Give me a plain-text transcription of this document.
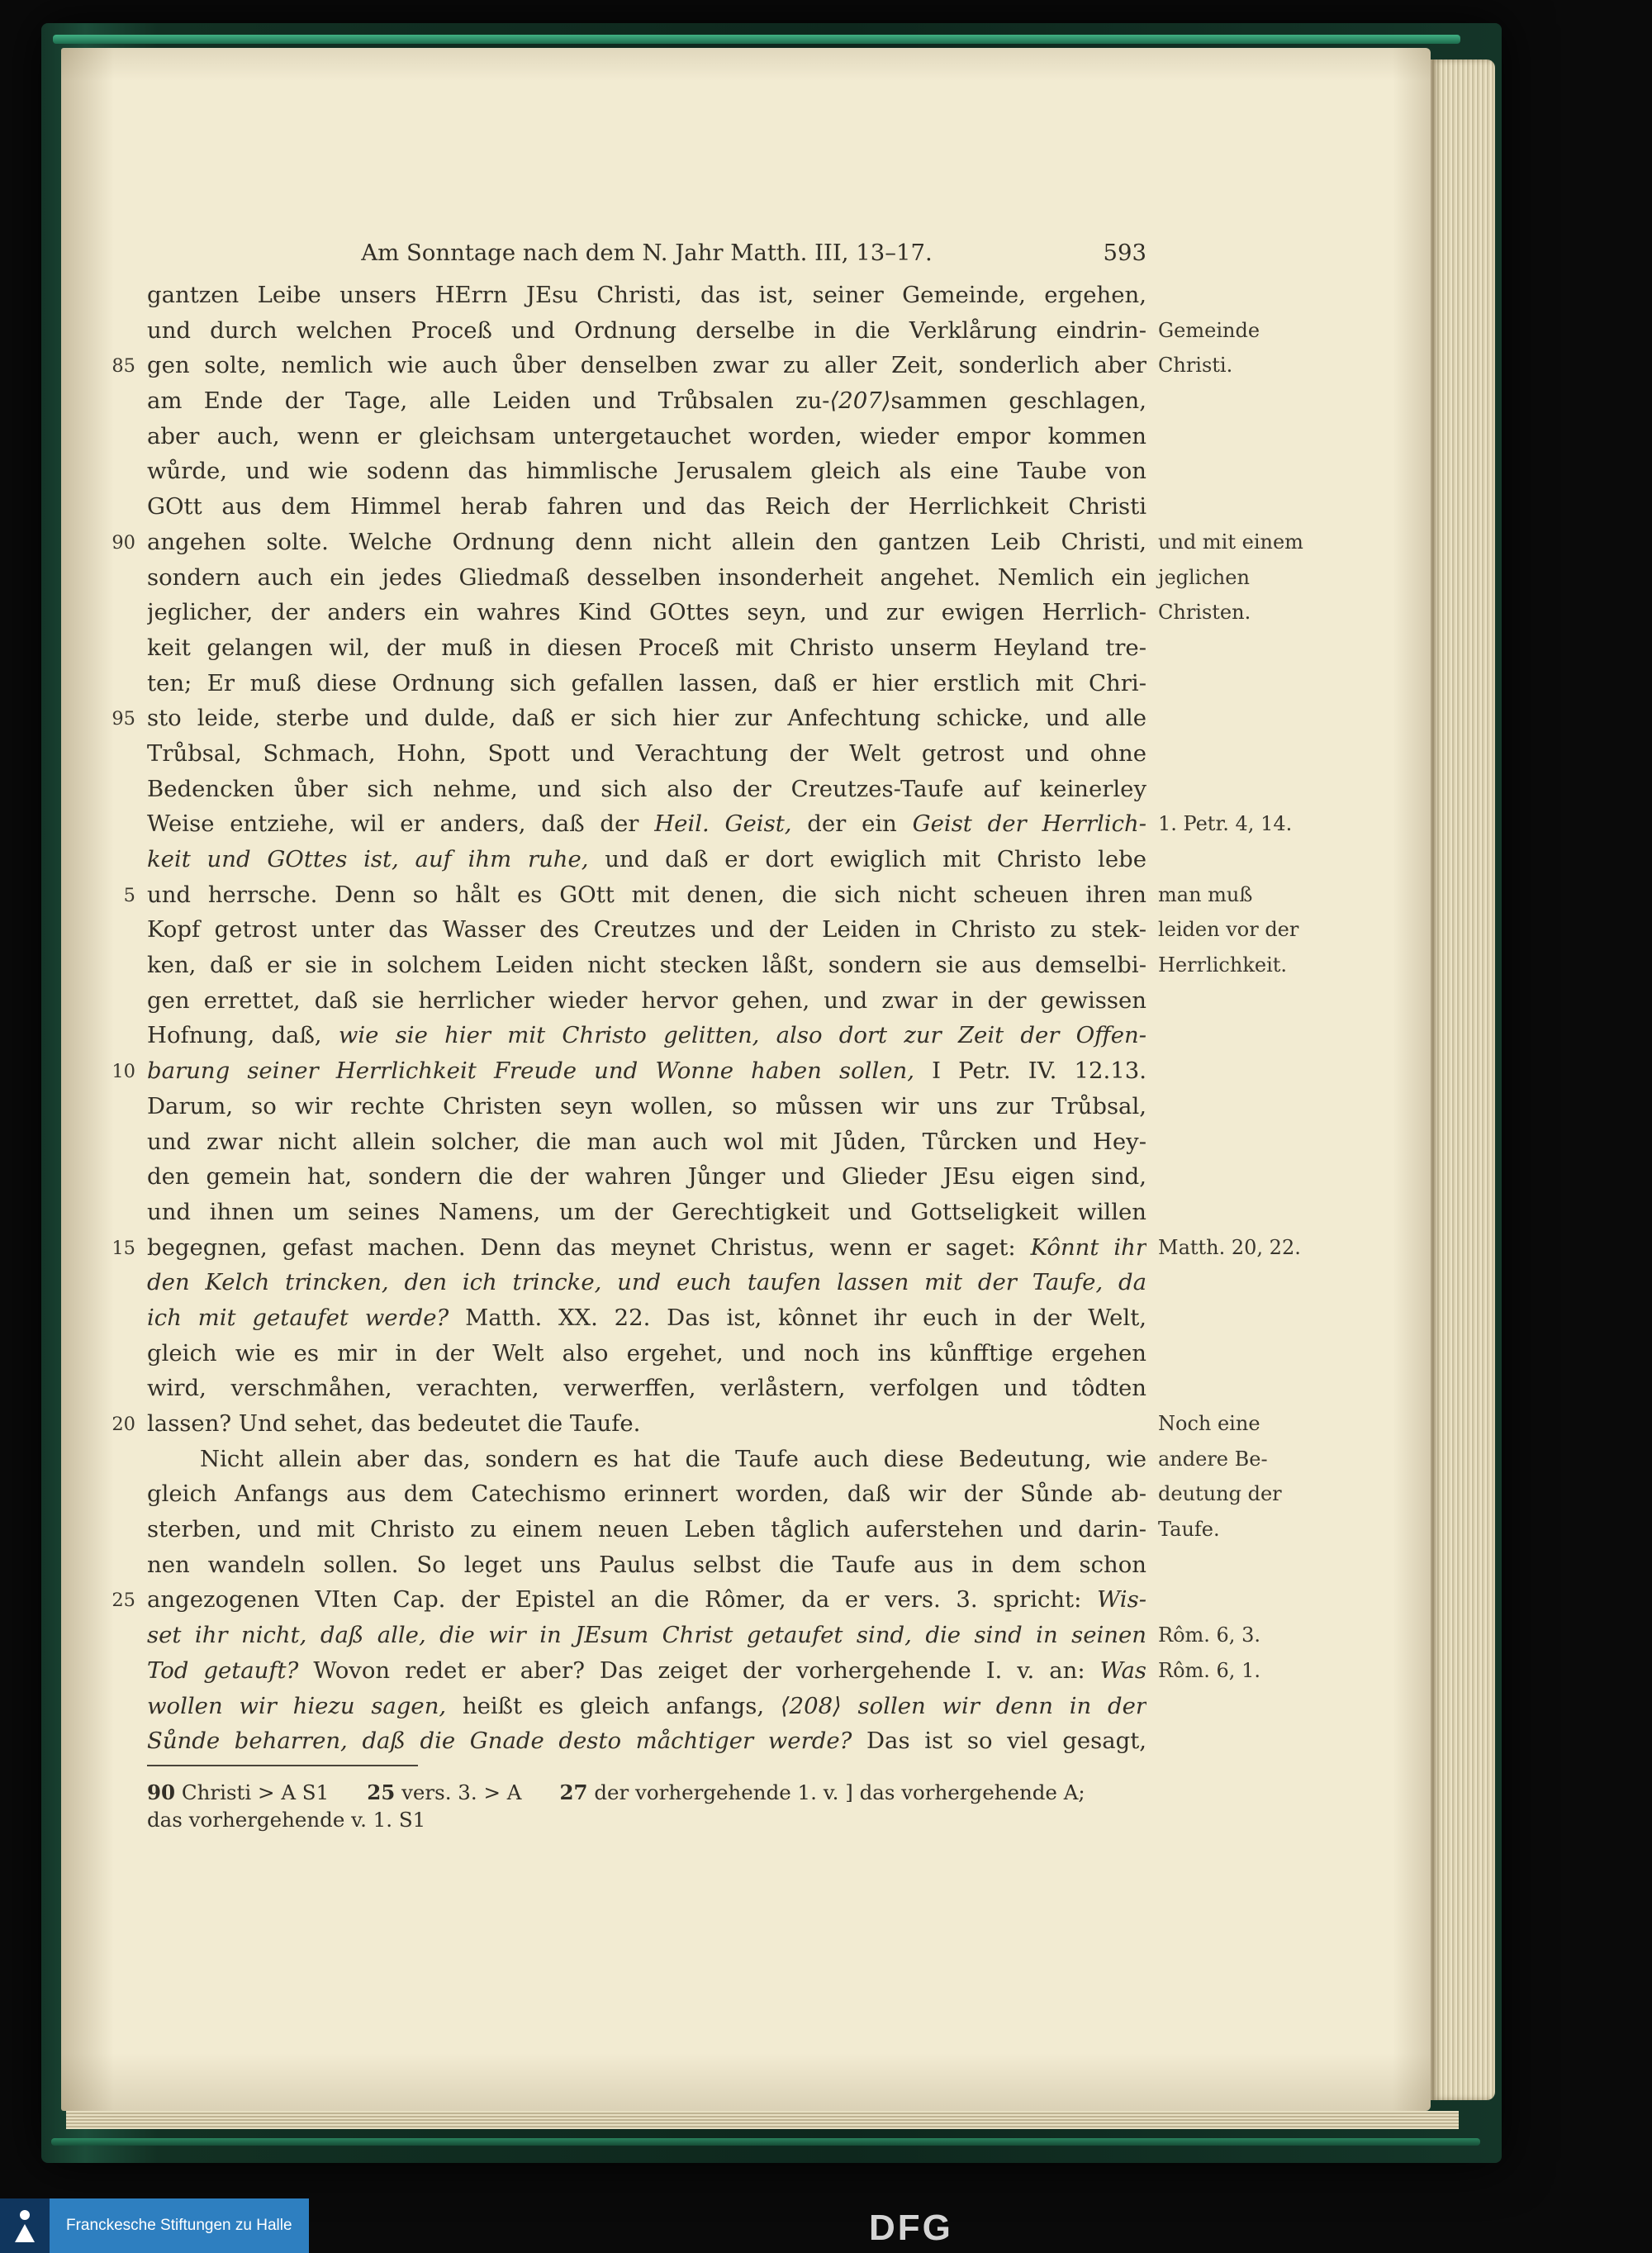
Am Sonntage nach dem N. Jahr Matth. III, 13–17.	593
gantzen Leibe unsers HErrn JEsu Christi, das ist, seiner Gemeinde, ergehen,
und durch welchen Proceß und Ordnung derselbe in die Verklårung eindrin- Gemeinde
85 gen solte, nemlich wie auch ůber denselben zwar zu aller Zeit, sonderlich aber Christi.
am Ende der Tage, alle Leiden und Trůbsalen zu-⟨207⟩sammen geschlagen,
aber auch, wenn er gleichsam untergetauchet worden, wieder empor kommen
wůrde, und wie sodenn das himmlische Jerusalem gleich als eine Taube von
GOtt aus dem Himmel herab fahren und das Reich der Herrlichkeit Christi
90 angehen solte. Welche Ordnung denn nicht allein den gantzen Leib Christi, und mit einem
sondern auch ein jedes Gliedmaß desselben insonderheit angehet. Nemlich ein jeglichen
jeglicher, der anders ein wahres Kind GOttes seyn, und zur ewigen Herrlich- Christen.
keit gelangen wil, der muß in diesen Proceß mit Christo unserm Heyland tre-
ten; Er muß diese Ordnung sich gefallen lassen, daß er hier erstlich mit Chri-
95 sto leide, sterbe und dulde, daß er sich hier zur Anfechtung schicke, und alle
Trůbsal, Schmach, Hohn, Spott und Verachtung der Welt getrost und ohne
Bedencken ůber sich nehme, und sich also der Creutzes-Taufe auf keinerley
Weise entziehe, wil er anders, daß der Heil. Geist, der ein Geist der Herrlich- 1. Petr. 4, 14.
keit und GOttes ist, auf ihm ruhe, und daß er dort ewiglich mit Christo lebe
5 und herrsche. Denn so hålt es GOtt mit denen, die sich nicht scheuen ihren man muß
Kopf getrost unter das Wasser des Creutzes und der Leiden in Christo zu stek- leiden vor der
ken, daß er sie in solchem Leiden nicht stecken låßt, sondern sie aus demselbi- Herrlichkeit.
gen errettet, daß sie herrlicher wieder hervor gehen, und zwar in der gewissen
Hofnung, daß, wie sie hier mit Christo gelitten, also dort zur Zeit der Offen-
10 barung seiner Herrlichkeit Freude und Wonne haben sollen, I Petr. IV. 12.13.
Darum, so wir rechte Christen seyn wollen, so můssen wir uns zur Trůbsal,
und zwar nicht allein solcher, die man auch wol mit Jůden, Tůrcken und Hey-
den gemein hat, sondern die der wahren Jůnger und Glieder JEsu eigen sind,
und ihnen um seines Namens, um der Gerechtigkeit und Gottseligkeit willen
15 begegnen, gefast machen. Denn das meynet Christus, wenn er saget: Kônnt ihr Matth. 20, 22.
den Kelch trincken, den ich trincke, und euch taufen lassen mit der Taufe, da
ich mit getaufet werde? Matth. XX. 22. Das ist, kônnet ihr euch in der Welt,
gleich wie es mir in der Welt also ergehet, und noch ins kůnfftige ergehen
wird, verschmåhen, verachten, verwerffen, verlåstern, verfolgen und tôdten
20 lassen? Und sehet, das bedeutet die Taufe.	Noch eine
Nicht allein aber das, sondern es hat die Taufe auch diese Bedeutung, wie andere Be-
gleich Anfangs aus dem Catechismo erinnert worden, daß wir der Sůnde ab- deutung der
sterben, und mit Christo zu einem neuen Leben tåglich auferstehen und darin- Taufe.
nen wandeln sollen. So leget uns Paulus selbst die Taufe aus in dem schon
25 angezogenen VIten Cap. der Epistel an die Rômer, da er vers. 3. spricht: Wis-
set ihr nicht, daß alle, die wir in JEsum Christ getaufet sind, die sind in seinen Rôm. 6, 3.
Tod getauft? Wovon redet er aber? Das zeiget der vorhergehende I. v. an: Was Rôm. 6, 1.
wollen wir hiezu sagen, heißt es gleich anfangs, ⟨208⟩ sollen wir denn in der
Sůnde beharren, daß die Gnade desto måchtiger werde? Das ist so viel gesagt,
90 Christi > A S1 25 vers. 3. > A 27 der vorhergehende 1. v. ] das vorhergehende A;
das vorhergehende v. 1. S1
Franckesche Stiftungen zu Halle	DFG
